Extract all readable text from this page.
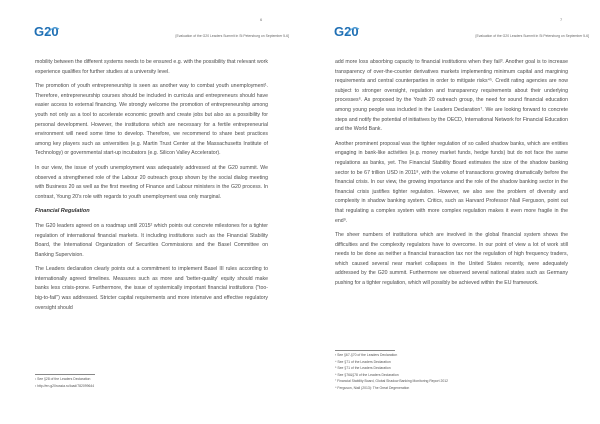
6
G20	[Evaluation of the G20 Leaders Summit in St Petersburg on September 5-6]

mobility between the different systems needs to be ensured e.g. with the possibility that relevant work experience qualifies for further studies at a university level.

The promotion of youth entrepreneurship is seen as another way to combat youth unemployment¹. Therefore, entrepreneurship courses should be included in curricula and entrepreneurs should have easier access to external financing. We strongly welcome the promotion of entrepreneurship among youth not only as a tool to accelerate economic growth and create jobs but also as a possibility for personal development. However, the institutions which are necessary for a fertile entrepreneurial environment will need some time to develop. Therefore, we recommend to share best practices among key players such as universities (e.g. Martin Trust Center at the Massachusetts Institute of Technology) or governmental start-up incubators (e.g. Silicon Valley Accelerator).

In our view, the issue of youth unemployment was adequately addressed at the G20 summit. We observed a strengthened role of the Labour 20 outreach group shown by the social dialog meeting with Business 20 as well as the first meeting of Finance and Labour ministers in the G20 process. In contrast, Young 20's role with regards to youth unemployment was only marginal.

Financial Regulation

The G20 leaders agreed on a roadmap until 2015² which points out concrete milestones for a tighter regulation of international financial markets. It including institutions such as the Financial Stability Board, the International Organization of Securities Commissions and the Basel Committee on Banking Supervision.

The Leaders declaration clearly points out a commitment to implement Basel III rules according to internationally agreed timelines. Measures such as more and 'better-quality' equity should make banks less crisis-prone. Furthermore, the issue of systemically important financial institutions ("too-big-to-fail") was addressed. Stricter capital requirements and more intensive and effective regulatory oversight should

¹ See §28 of the Leaders Declaration
² http://en.g20russia.ru/load/782099644
7
G20	[Evaluation of the G20 Leaders Summit in St Petersburg on September 5-6]

add more loss absorbing capacity to financial institutions when they fail³. Another goal is to increase transparency of over-the-counter derivatives markets implementing minimum capital and margining requirements and central counterparties in order to mitigate risks⁴⁵. Credit rating agencies are now subject to stronger oversight, regulation and transparency requirements about their underlying processes⁶. As proposed by the Youth 20 outreach group, the need for sound financial education among young people was included in the Leaders Declaration⁷. We are looking forward to concrete steps and notify the potential of initiatives by the OECD, International Network for Financial Education and the World Bank.

Another prominent proposal was the tighter regulation of so called shadow banks, which are entities engaging in bank-like activities (e.g. money market funds, hedge funds) but do not face the same regulations as banks, yet. The Financial Stability Board estimates the size of the shadow banking sector to be 67 trillion USD in 2011⁸, with the volume of transactions growing dramatically before the financial crisis. In our view, the growing importance and the role of the shadow banking sector in the financial crisis justifies tighter regulation. However, we also see the problem of diversity and complexity in shadow banking system. Critics, such as Harvard Professor Niall Ferguson, point out that regulating a complex system with more complex regulation makes it even more fragile in the end⁹.

The sheer numbers of institutions which are involved in the global financial system shows the difficulties and the complexity regulators have to overcome. In our point of view a lot of work still needs to be done as neither a financial transaction tax nor the regulation of high frequency traders, which caused several near market collapses in the United States recently, were adequately addressed by the G20 summit. Furthermore we observed several national states such as Germany pushing for a tighter regulation, which will possibly be achieved within the EU framework.

³ See §67-§70 of the Leaders Declaration
⁴ See §71 of the Leaders Declaration
⁵ See §71 of the Leaders Declaration
⁶ See §76&§78 of the Leaders Declaration
⁷ Financial Stability Board, Global Shadow Banking Monitoring Report 2012
⁸ Ferguson, Niall (2013): The Great Degeneration
